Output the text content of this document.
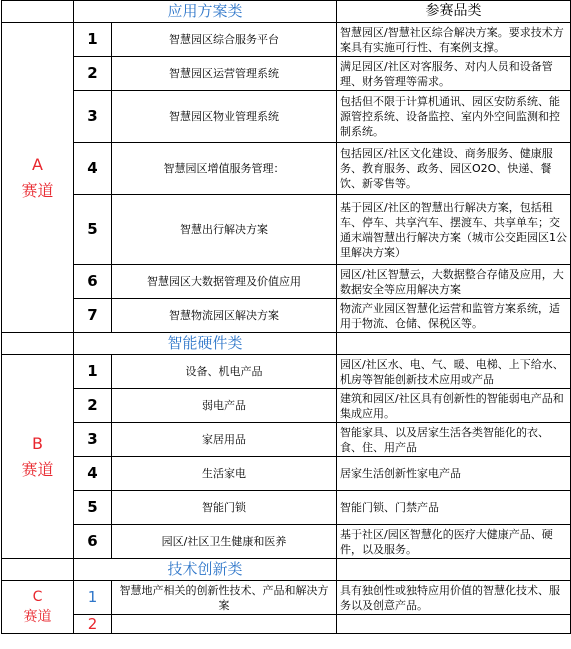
	应用方案类		参赛品类

A
赛道	1	智慧园区综合服务平台	智慧园区/智慧社区综合解决方案。要求技术方案具有实施可行性、有案例支撑。
	2	智慧园区运营管理系统	满足园区/社区对客服务、对内人员和设备管理、财务管理等需求。
	3	智慧园区物业管理系统	包括但不限于计算机通讯、园区安防系统、能源管控系统、设备监控、室内外空间监测和控制系统。
	4	智慧园区增值服务管理：	包括园区/社区文化建设、商务服务、健康服务、教育服务、政务、园区O2O、快递、餐饮、新零售等。
	5	智慧出行解决方案	基于园区/社区的智慧出行解决方案，包括租车、停车、共享汽车、摆渡车、共享单车；交通末端智慧出行解决方案（城市公交距园区1公里解决方案）
	6	智慧园区大数据管理及价值应用	园区/社区智慧云，大数据整合存储及应用，大数据安全等应用解决方案
	7	智慧物流园区解决方案	物流产业园区智慧化运营和监管方案系统，适用于物流、仓储、保税区等。
	智能硬件类		

B
赛道	1	设备、机电产品	园区/社区水、电、气、暖、电梯、上下给水、机房等智能创新技术应用或产品
	2	弱电产品	建筑和园区/社区具有创新性的智能弱电产品和集成应用。
	3	家居用品	智能家具、以及居家生活各类智能化的衣、食、住、用产品
	4	生活家电	居家生活创新性家电产品
	5	智能门锁	智能门锁、门禁产品
	6	园区/社区卫生健康和医养	基于社区/园区智慧化的医疗大健康产品、硬件，以及服务。
	技术创新类		

C
赛道	1	智慧地产相关的创新性技术、产品和解决方案	具有独创性或独特应用价值的智慧化技术、服务以及创意产品。
	2		
